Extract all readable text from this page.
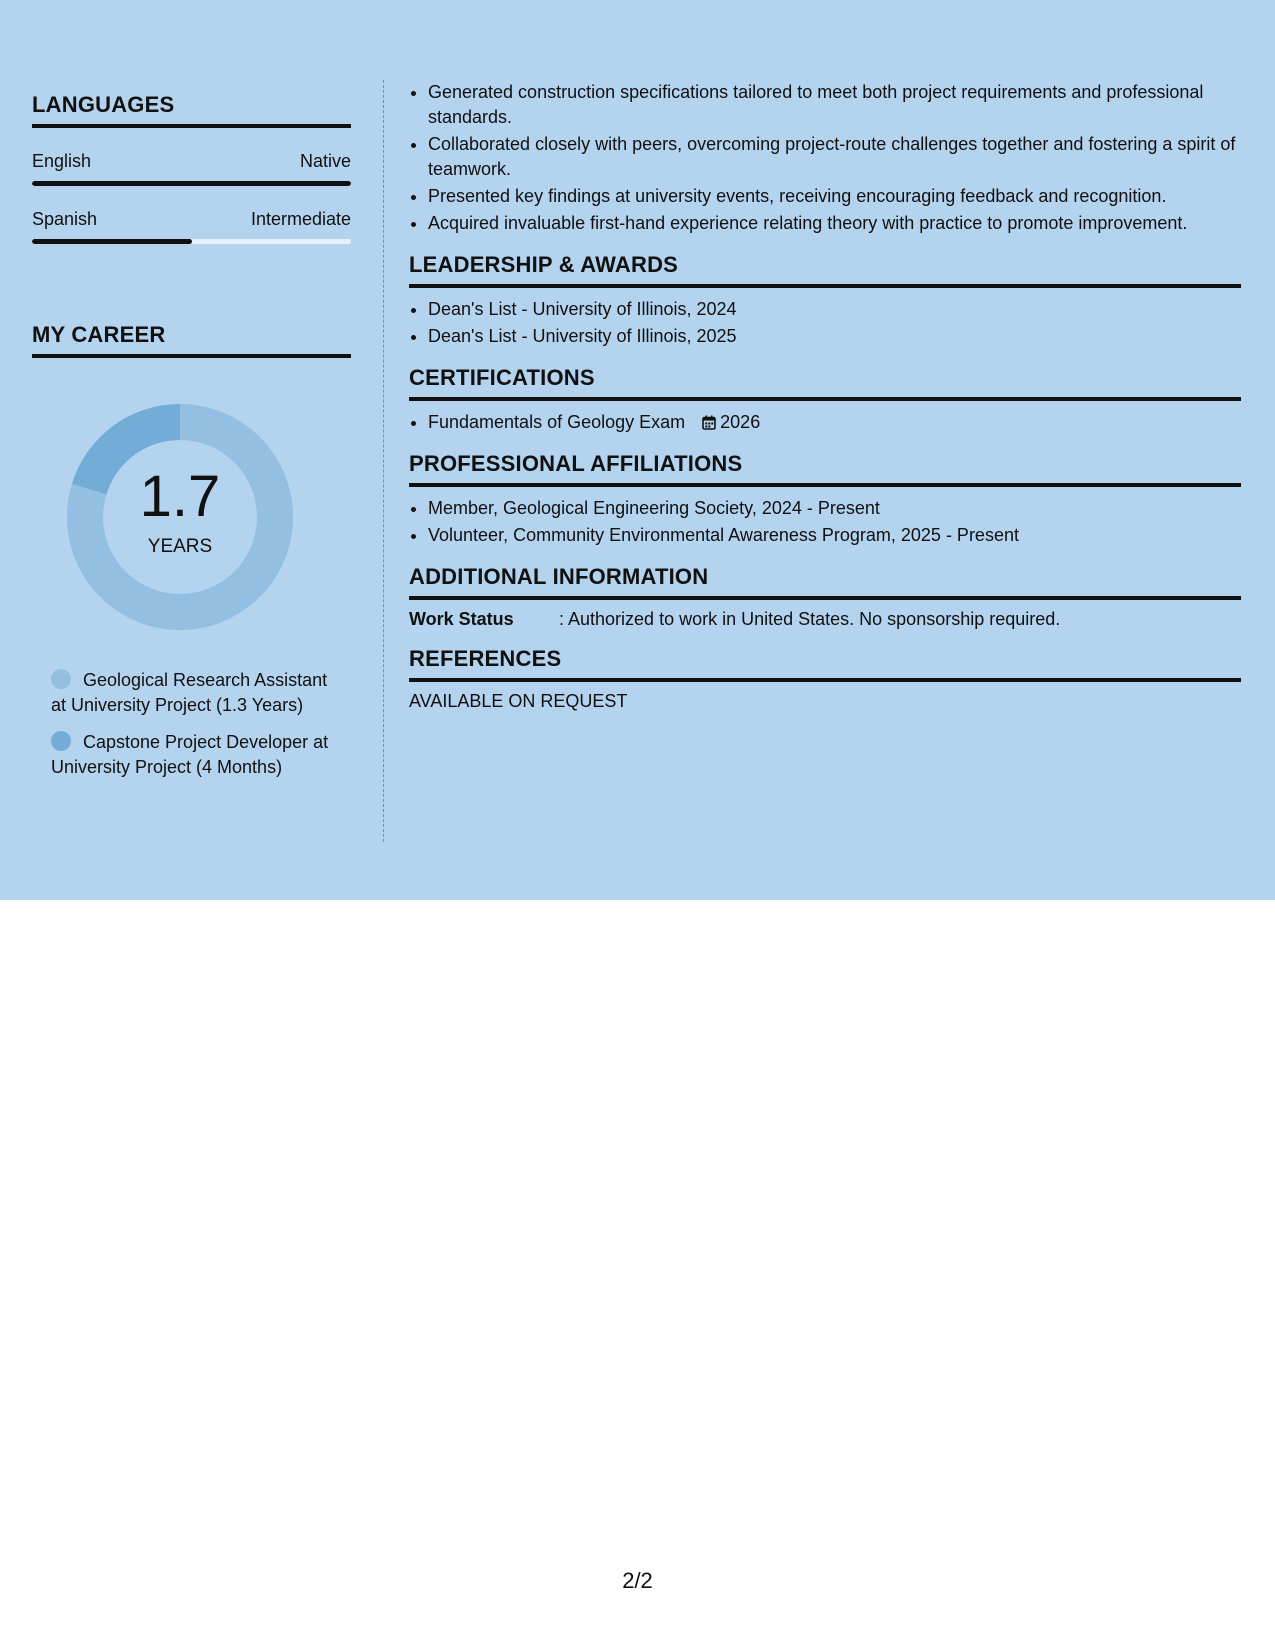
LANGUAGES
English	Native
Spanish	Intermediate
MY CAREER
1.7
YEARS
Geological Research Assistant at University Project (1.3 Years)
Capstone Project Developer at University Project (4 Months)
• Generated construction specifications tailored to meet both project requirements and professional standards.
• Collaborated closely with peers, overcoming project-route challenges together and fostering a spirit of teamwork.
• Presented key findings at university events, receiving encouraging feedback and recognition.
• Acquired invaluable first-hand experience relating theory with practice to promote improvement.
LEADERSHIP & AWARDS
• Dean's List - University of Illinois, 2024
• Dean's List - University of Illinois, 2025
CERTIFICATIONS
• Fundamentals of Geology Exam 2026
PROFESSIONAL AFFILIATIONS
• Member, Geological Engineering Society, 2024 - Present
• Volunteer, Community Environmental Awareness Program, 2025 - Present
ADDITIONAL INFORMATION
Work Status	: Authorized to work in United States. No sponsorship required.
REFERENCES
AVAILABLE ON REQUEST
2/2
